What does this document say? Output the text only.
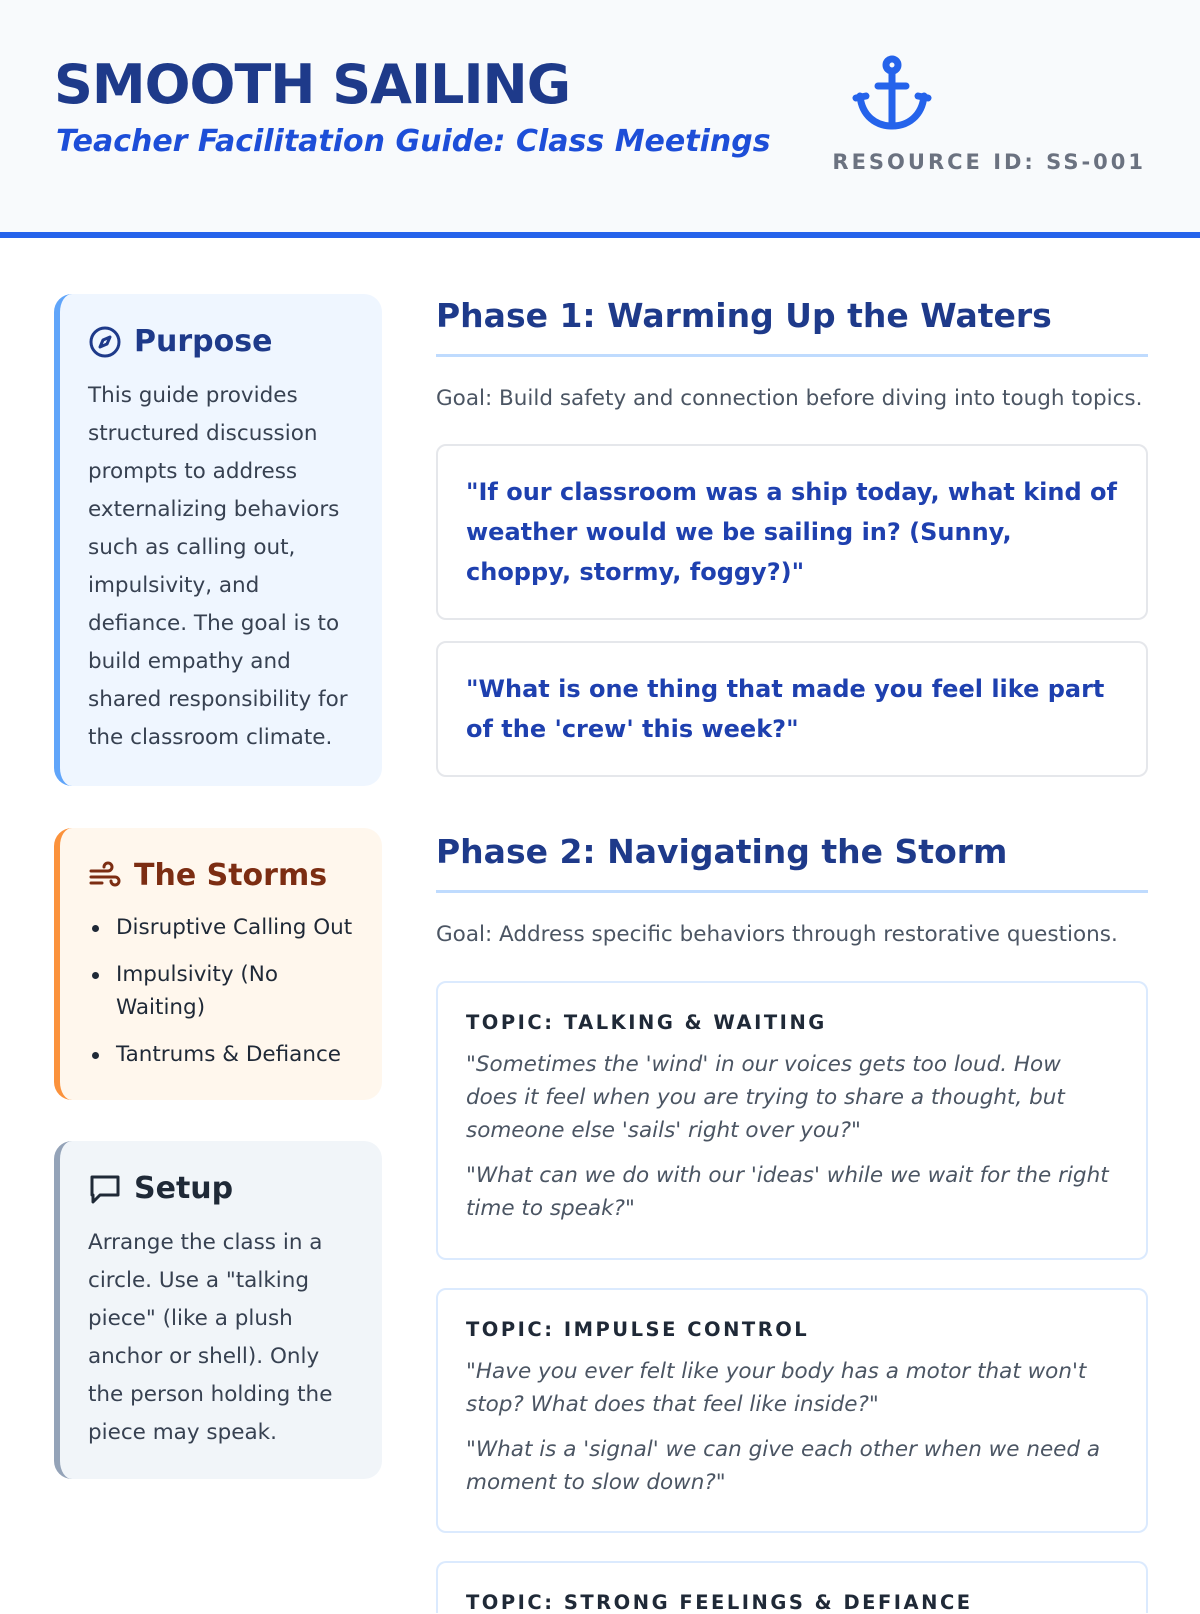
SMOOTH SAILING
Teacher Facilitation Guide: Class Meetings
RESOURCE ID: SS-001
Purpose
This guide provides structured discussion prompts to address externalizing behaviors such as calling out, impulsivity, and defiance. The goal is to build empathy and shared responsibility for the classroom climate.
The Storms
Disruptive Calling Out
Impulsivity (No Waiting)
Tantrums & Defiance
Setup
Arrange the class in a circle. Use a "talking piece" (like a plush anchor or shell). Only the person holding the piece may speak.
Phase 1: Warming Up the Waters
Goal: Build safety and connection before diving into tough topics.
"If our classroom was a ship today, what kind of weather would we be sailing in? (Sunny, choppy, stormy, foggy?)"
"What is one thing that made you feel like part of the 'crew' this week?"
Phase 2: Navigating the Storm
Goal: Address specific behaviors through restorative questions.
TOPIC: TALKING & WAITING
"Sometimes the 'wind' in our voices gets too loud. How does it feel when you are trying to share a thought, but someone else 'sails' right over you?"
"What can we do with our 'ideas' while we wait for the right time to speak?"
TOPIC: IMPULSE CONTROL
"Have you ever felt like your body has a motor that won't stop? What does that feel like inside?"
"What is a 'signal' we can give each other when we need a moment to slow down?"
TOPIC: STRONG FEELINGS & DEFIANCE
